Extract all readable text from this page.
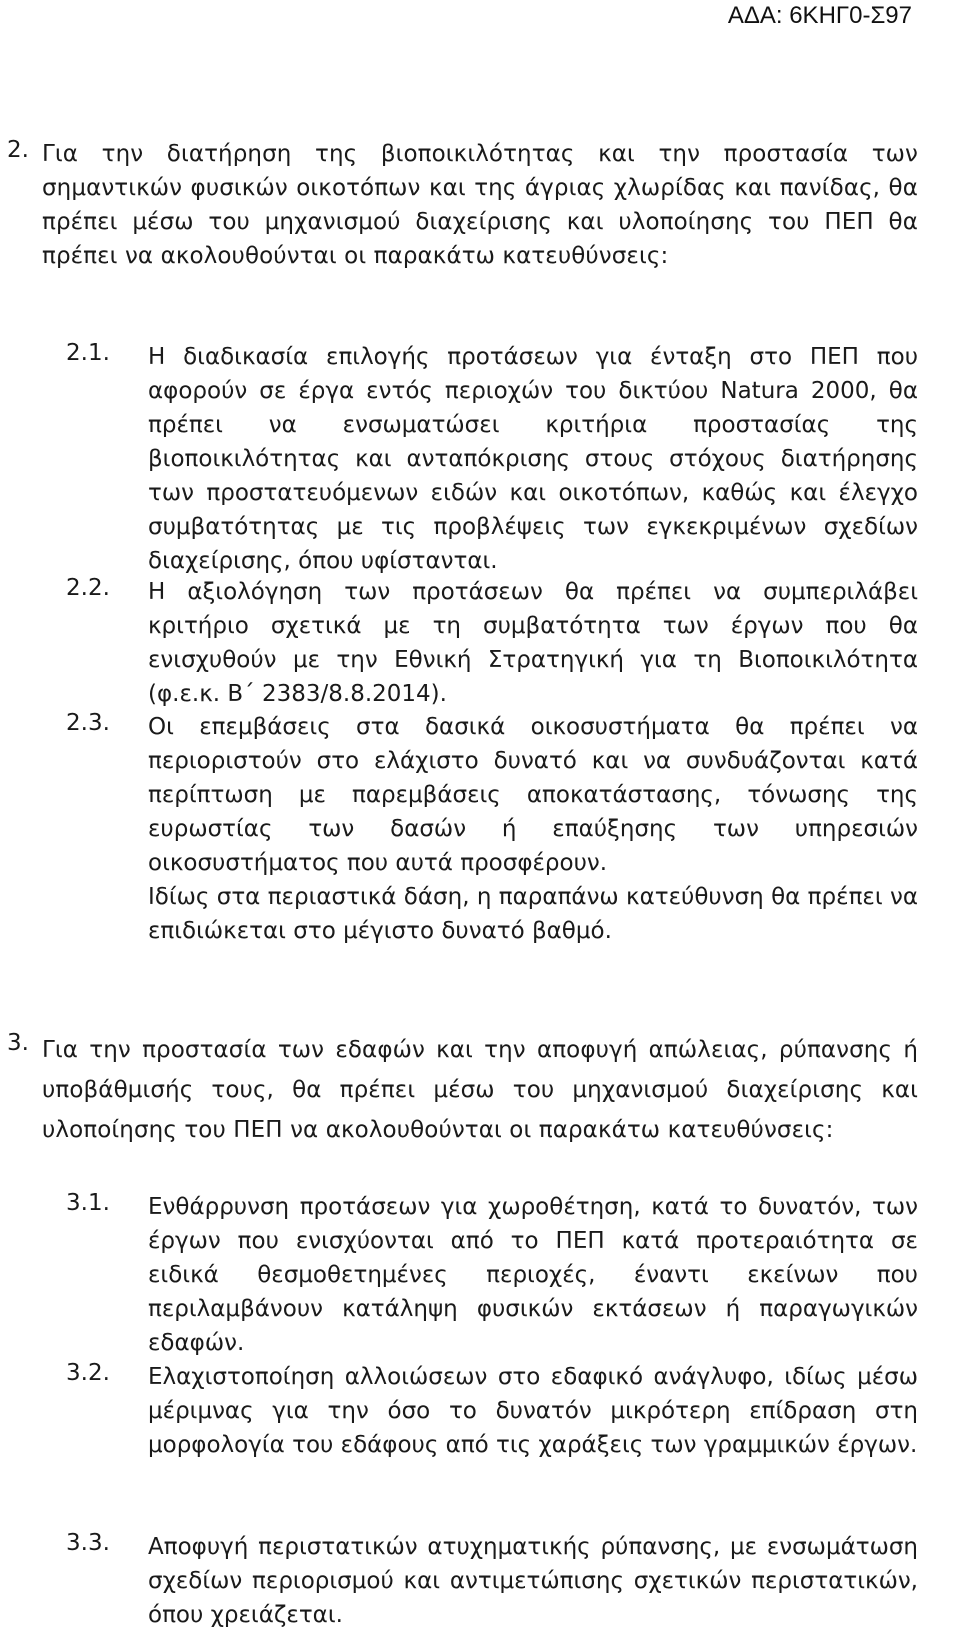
ΑΔΑ: 6ΚΗΓ0-Σ97
2. Για την διατήρηση της βιοποικιλότητας και την προστασία των σημαντικών φυσικών οικοτόπων και της άγριας χλωρίδας και πανίδας, θα πρέπει μέσω του μηχανισμού διαχείρισης και υλοποίησης του ΠΕΠ θα πρέπει να ακολουθούνται οι παρακάτω κατευθύνσεις:
2.1. Η διαδικασία επιλογής προτάσεων για ένταξη στο ΠΕΠ που αφορούν σε έργα εντός περιοχών του δικτύου Natura 2000, θα πρέπει να ενσωματώσει κριτήρια προστασίας της βιοποικιλότητας και ανταπόκρισης στους στόχους διατήρησης των προστατευόμενων ειδών και οικοτόπων, καθώς και έλεγχο συμβατότητας με τις προβλέψεις των εγκεκριμένων σχεδίων διαχείρισης, όπου υφίστανται.
2.2. Η αξιολόγηση των προτάσεων θα πρέπει να συμπεριλάβει κριτήριο σχετικά με τη συμβατότητα των έργων που θα ενισχυθούν με την Εθνική Στρατηγική για τη Βιοποικιλότητα (φ.ε.κ. Β΄ 2383/8.8.2014).
2.3. Οι επεμβάσεις στα δασικά οικοσυστήματα θα πρέπει να περιοριστούν στο ελάχιστο δυνατό και να συνδυάζονται κατά περίπτωση με παρεμβάσεις αποκατάστασης, τόνωσης της ευρωστίας των δασών ή επαύξησης των υπηρεσιών οικοσυστήματος που αυτά προσφέρουν.
Ιδίως στα περιαστικά δάση, η παραπάνω κατεύθυνση θα πρέπει να επιδιώκεται στο μέγιστο δυνατό βαθμό.
3. Για την προστασία των εδαφών και την αποφυγή απώλειας, ρύπανσης ή υποβάθμισής τους, θα πρέπει μέσω του μηχανισμού διαχείρισης και υλοποίησης του ΠΕΠ να ακολουθούνται οι παρακάτω κατευθύνσεις:
3.1. Ενθάρρυνση προτάσεων για χωροθέτηση, κατά το δυνατόν, των έργων που ενισχύονται από το ΠΕΠ κατά προτεραιότητα σε ειδικά θεσμοθετημένες περιοχές, έναντι εκείνων που περιλαμβάνουν κατάληψη φυσικών εκτάσεων ή παραγωγικών εδαφών.
3.2. Ελαχιστοποίηση αλλοιώσεων στο εδαφικό ανάγλυφο, ιδίως μέσω μέριμνας για την όσο το δυνατόν μικρότερη επίδραση στη μορφολογία του εδάφους από τις χαράξεις των γραμμικών έργων.
3.3. Αποφυγή περιστατικών ατυχηματικής ρύπανσης, με ενσωμάτωση σχεδίων περιορισμού και αντιμετώπισης σχετικών περιστατικών, όπου χρειάζεται.
